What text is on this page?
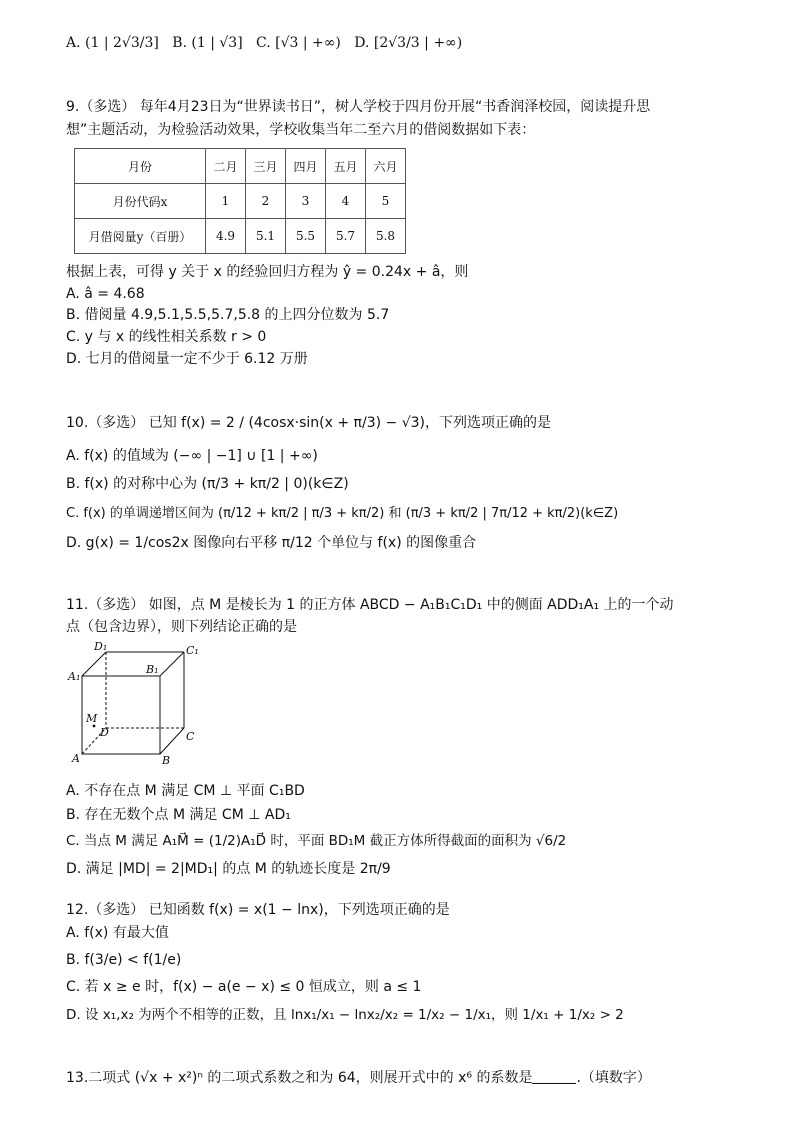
A. (1 | 2√3/3] B. (1 | √3] C. [√3 | +∞) D. [2√3/3 | +∞)
9.（多选） 每年4月23日为“世界读书日”，树人学校于四月份开展“书香润泽校园，阅读提升思
想”主题活动，为检验活动效果，学校收集当年二至六月的借阅数据如下表：
月份	二月	三月	四月	五月	六月
月份代码x	1	2	3	4	5
月借阅量y（百册）	4.9	5.1	5.5	5.7	5.8
根据上表，可得 y 关于 x 的经验回归方程为 ŷ = 0.24x + â，则
A. â = 4.68
B. 借阅量 4.9,5.1,5.5,5.7,5.8 的上四分位数为 5.7
C. y 与 x 的线性相关系数 r > 0
D. 七月的借阅量一定不少于 6.12 万册
10.（多选） 已知 f(x) = 2 / (4cosx·sin(x + π/3) − √3)，下列选项正确的是
A. f(x) 的值域为 (−∞ | −1] ∪ [1 | +∞)
B. f(x) 的对称中心为 (π/3 + kπ/2 | 0)(k∈Z)
C. f(x) 的单调递增区间为 (π/12 + kπ/2 | π/3 + kπ/2) 和 (π/3 + kπ/2 | 7π/12 + kπ/2)(k∈Z)
D. g(x) = 1/cos2x 图像向右平移 π/12 个单位与 f(x) 的图像重合
11.（多选） 如图，点 M 是棱长为 1 的正方体 ABCD − A₁B₁C₁D₁ 中的侧面 ADD₁A₁ 上的一个动
点（包含边界），则下列结论正确的是
D₁	C₁
A₁
B₁
M
D	C
A	B
A. 不存在点 M 满足 CM ⊥ 平面 C₁BD
B. 存在无数个点 M 满足 CM ⊥ AD₁
C. 当点 M 满足 A₁M⃗ = (1/2)A₁D⃗ 时，平面 BD₁M 截正方体所得截面的面积为 √6/2
D. 满足 |MD| = 2|MD₁| 的点 M 的轨迹长度是 2π/9
12.（多选） 已知函数 f(x) = x(1 − lnx)，下列选项正确的是
A. f(x) 有最大值
B. f(3/e) < f(1/e)
C. 若 x ≥ e 时，f(x) − a(e − x) ≤ 0 恒成立，则 a ≤ 1
D. 设 x₁,x₂ 为两个不相等的正数，且 lnx₁/x₁ − lnx₂/x₂ = 1/x₂ − 1/x₁，则 1/x₁ + 1/x₂ > 2
13.二项式 (√x + x²)ⁿ 的二项式系数之和为 64，则展开式中的 x⁶ 的系数是	.（填数字）
